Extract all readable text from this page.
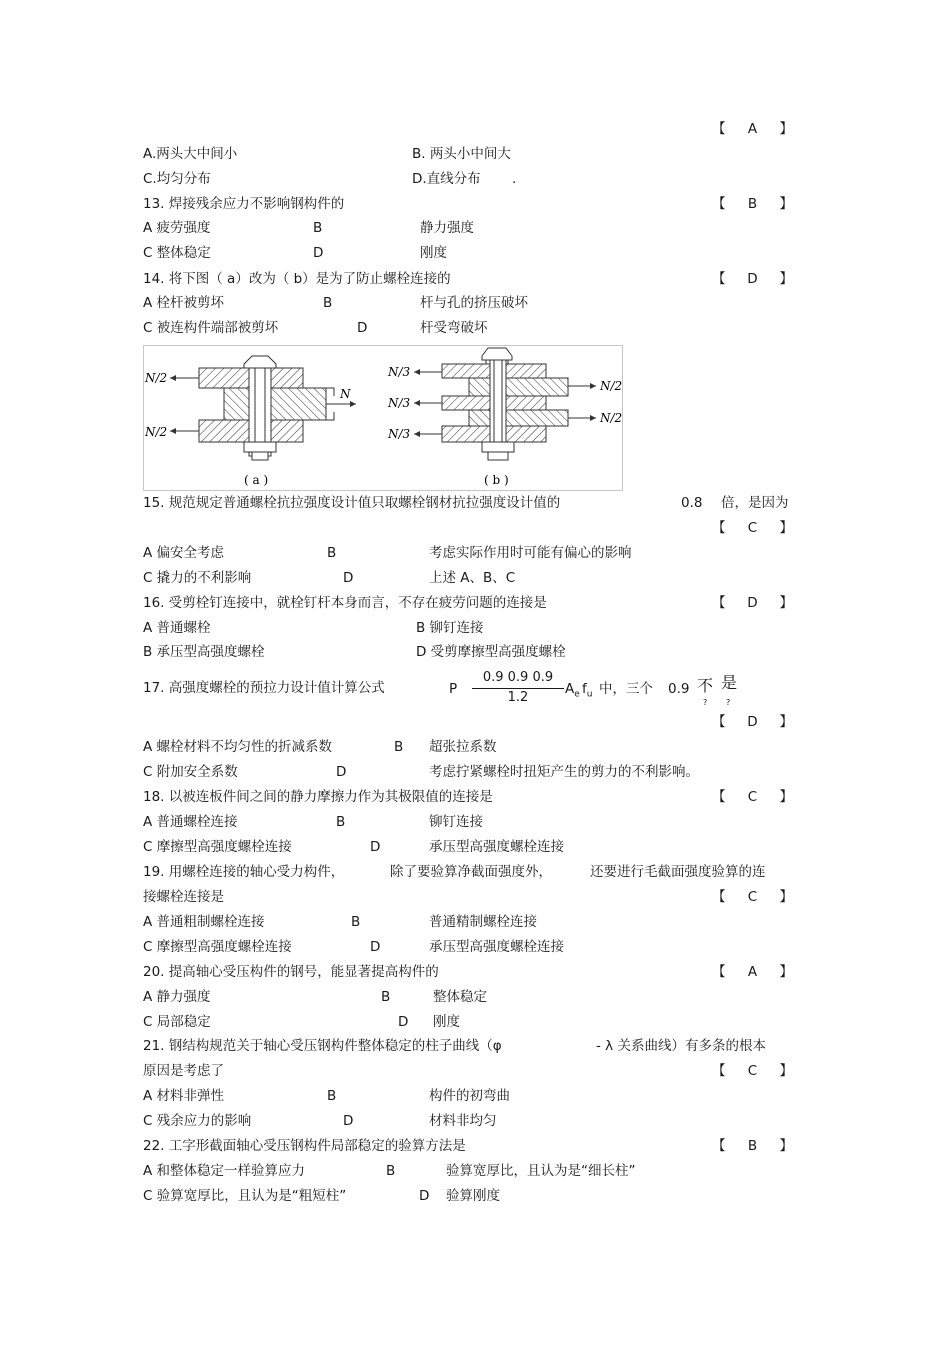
【 A 】
A.两头大中间小	B. 两头小中间大
C.均匀分布	D.直线分布 .
13. 焊接残余应力不影响钢构件的	【 B 】
A 疲劳强度	B	静力强度
C 整体稳定	D	刚度
14. 将下图（ a）改为（ b）是为了防止螺栓连接的	【 D 】
A 栓杆被剪坏	B	杆与孔的挤压破坏
C 被连构件端部被剪坏	D	杆受弯破坏
N/2
N/2
N
( a )
N/3
N/3
N/3
N/2
N/2
( b )
15. 规范规定普通螺栓抗拉强度设计值只取螺栓钢材抗拉强度设计值的	0.8 倍，是因为
【 C 】
A 偏安全考虑	B	考虑实际作用时可能有偏心的影响
C 撬力的不利影响	D	上述 A、B、C
16. 受剪栓钉连接中，就栓钉杆本身而言，不存在疲劳问题的连接是	【 D 】
A 普通螺栓	B 铆钉连接
B 承压型高强度螺栓	D 受剪摩擦型高强度螺栓
17. 高强度螺栓的预拉力设计值计算公式	P
0.9 0.9 0.9
1.2
$A_e$ $f_u$ 中，三个 0.9 不 是
? ?
【 D 】
A 螺栓材料不均匀性的折减系数	B 超张拉系数
C 附加安全系数	D	考虑拧紧螺栓时扭矩产生的剪力的不利影响。
18. 以被连板件间之间的静力摩擦力作为其极限值的连接是	【 C 】
A 普通螺栓连接	B	铆钉连接
C 摩擦型高强度螺栓连接	D	承压型高强度螺栓连接
19. 用螺栓连接的轴心受力构件，	除了要验算净截面强度外，	还要进行毛截面强度验算的连
接螺栓连接是	【 C 】
A 普通粗制螺栓连接	B	普通精制螺栓连接
C 摩擦型高强度螺栓连接	D	承压型高强度螺栓连接
20. 提高轴心受压构件的钢号，能显著提高构件的	【 A 】
A 静力强度	B	整体稳定
C 局部稳定	D 刚度
21. 钢结构规范关于轴心受压钢构件整体稳定的柱子曲线（φ	- λ 关系曲线）有多条的根本
原因是考虑了	【 C 】
A 材料非弹性	B	构件的初弯曲
C 残余应力的影响	D	材料非均匀
22. 工字形截面轴心受压钢构件局部稳定的验算方法是	【 B 】
A 和整体稳定一样验算应力	B	验算宽厚比，且认为是“细长柱”
C 验算宽厚比，且认为是“粗短柱”	D 验算刚度
